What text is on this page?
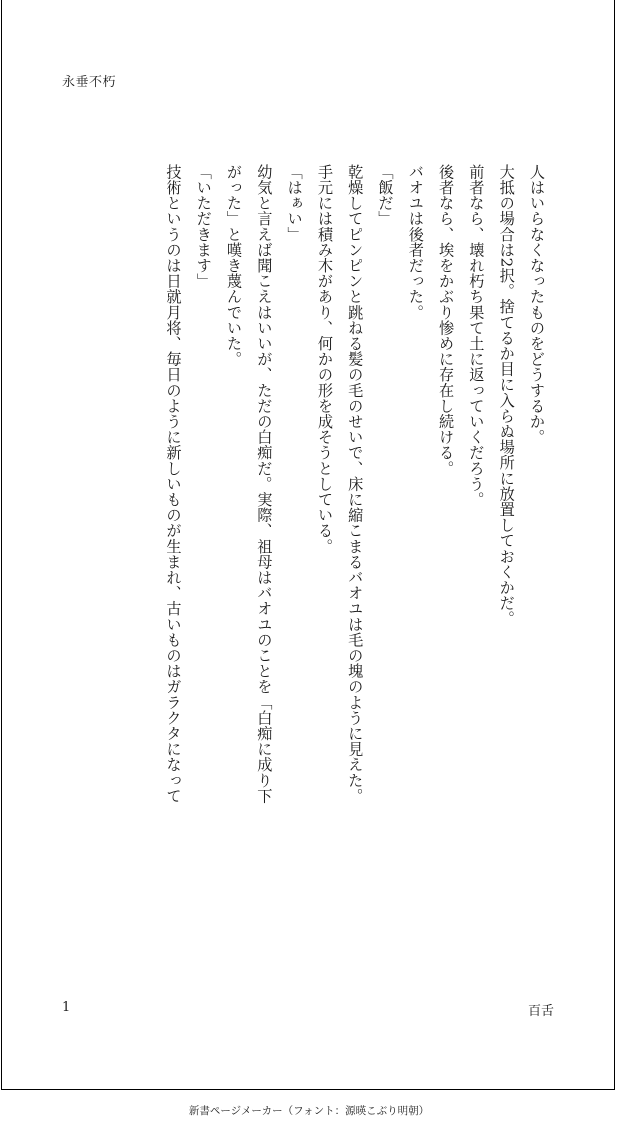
永垂不朽

人はいらなくなったものをどうするか。

大抵の場合は2択。捨てるか目に入らぬ場所に放置しておくかだ。

前者なら、壊れ朽ち果て土に返っていくだろう。

後者なら、埃をかぶり惨めに存在し続ける。

バオユは後者だった。

「飯だ」

乾燥してピンピンと跳ねる髪の毛のせいで、床に縮こまるバオユは毛の塊のように見えた。

手元には積み木があり、何かの形を成そうとしている。

「はぁい」

幼気と言えば聞こえはいいが、ただの白痴だ。実際、祖母はバオユのことを「白痴に成り下

がった」と嘆き蔑んでいた。

「いただきます」

技術というのは日就月将、毎日のように新しいものが生まれ、古いものはガラクタになって

1	百舌
新書ページメーカー（フォント：源暎こぶり明朝）
